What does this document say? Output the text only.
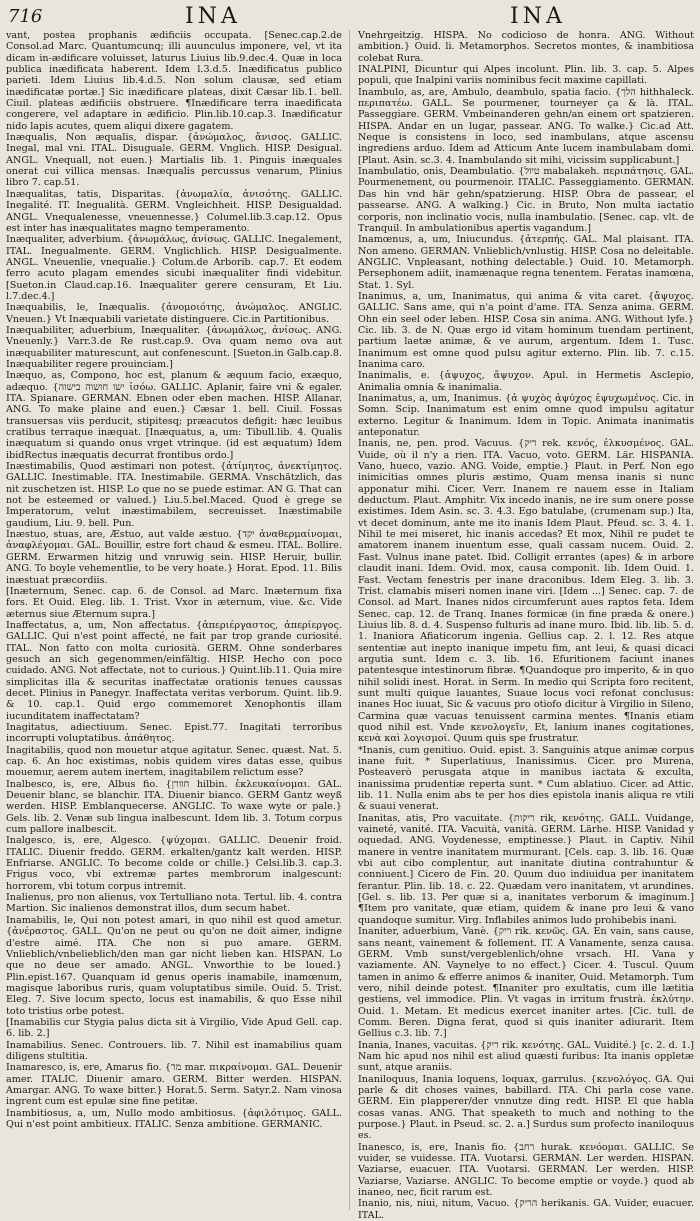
716	INA	INA

vant, postea prophanis ædificiis occupata. [Senec.cap.2.de Consol.ad Marc. Quantumcunq; illi auunculus imponere, vel, vt ita dicam in-ædificare voluisset, laturus Liuius lib.9.dec.4. Quæ in loca publica inædificata haberent. Idem l.3.d.5. Inædificatus publico parieti. Idem Liuius lib.4.d.5. Non solum clausæ, sed etiam inædificatæ portæ.] Sic inædificare plateas, dixit Cæsar lib.1. bell. Ciuil. plateas ædificiis obstruere. ¶Inædificare terra inaedificata congerere, vel adaptare in ædificio. Plin.lib.10.cap.3. Inædificatur nido lapis acutes, quem aliqui dixere gagatem.

Inæqualis, Non æqualis, dispar. {ἀνώμαλος, ἄνισος. GALLIC. Inegal, mal vni. ITAL. Disuguale. GERM. Vnglich. HISP. Desigual. ANGL. Vnequall, not euen.} Martialis lib. 1. Pinguis inæquales onerat cui villica mensas. Inæqualis percussus venarum, Plinius libro 7. cap.51.

Inæqualitas, tatis, Disparitas. {ἀνωμαλία, ἀνισότης. GALLIC. Inegalité. IT. Inegualità. GERM. Vngleichheit. HISP. Desigualdad. ANGL. Vnequalenesse, vneuennesse.} Columel.lib.3.cap.12. Opus est inter has inæqualitates magno temperamento.

Inæqualiter, adverbium. {ἀνωμάλως, ἀνίσως. GALLIC. Inegalement, ITAL. Inegualmente. GERM. Vnglichlich. HISP. Desigualmente. ANGL. Vneuenlie, vnequalie.} Colum.de Arborib. cap.7. Et eodem ferro acuto plagam emendes sicubi inæqualiter findi videbitur. [Sueton.in Claud.cap.16. Inæqualiter gerere censuram, Et Liu. l.7.dec.4.]

Inæquabilis, le, Inæqualis. {ἀνομοιότης, ἀνώμαλος. ANGLIC. Vneuen.} Vt Inæquabili varietate distinguere. Cic.in Partitionibus.

Inæquabiliter, aduerbium, Inæqualiter. {ἀνωμάλως, ἀνίσως. ANG. Vneuenly.} Varr.3.de Re rust.cap.9. Ova quam nemo ova aut inæquabiliter maturescunt, aut confenescunt. [Sueton.in Galb.cap.8. Inæquabiliter regere prouinciam.]

Inæquo, as, Compono, hoc est, planum & æquum facio, exæquo, adæquo. {ישו חושוה בישוה ἰσόω. GALLIC. Aplanir, faire vni & egaler. ITA. Spianare. GERMAN. Ebnen oder eben machen. HISP. Allanar. ANG. To make plaine and euen.} Cæsar 1. bell. Ciuil. Fossas transuersas viis perducit, stipitesq; præacutos defigit: hæc leuibus cratibus terraque inæquat. [Inæquatus, a, um: Tibull.lib. 4. Qualis inæquatum si quando onus vrget vtrinque. (id est æquatum) Idem ibidRectus inæquatis decurrat frontibus ordo.]

Inæstimabilis, Quod æstimari non potest. {ἀτίμητος, ἀνεκτίμητος. GALLIC. Inestimable. ITA. Inestimabile. GERMA. Vnschätzlich, das nit zuschetzen ist. HISP. Lo que no se puede estimar. AN G. That can not be esteemed or valued.} Liu.5.bel.Maced. Quod è grege se Imperatorum, velut inæstimabilem, secreuisset. Inæstimabile gaudium, Liu. 9. bell. Pun.

Inæstuo, stuas, are, Æstuo, aut valde æstuo. {יקד ἀναθερμαίνομαι, ἀναφλέγομαι. GAL. Bouillir, estre fort chaud & esmeu. ITAL. Bollire. GERM. Erwarmen hitzig und vnruwig sein. HISP. Heruir, bullir. ANG. To boyle vehementlie, to be very hoate.} Horat. Epod. 11. Bilis inæstuat præcordiis.

[Inæternum, Senec. cap. 6. de Consol. ad Marc. Inæternum fixa fors. Et Ouid. Eleg. lib. 1. Trist. Vxor in æternum, viue. &c. Vide æternus siue Æternum supra.]

Inaffectatus, a, um, Non affectatus. {ἀπεριέργαστος, ἀπερίεργος. GALLIC. Qui n'est point affecté, ne fait par trop grande curiosité. ITAL. Non fatto con molta curiosità. GERM. Ohne sonderbares gesuch an sich gegenommen/einfältig. HISP. Hecho con poco cuidado. ANG. Not affectate, not to curious.} Quint.lib.11. Quia mire simplicitas illa & securitas inaffectatæ orationis tenues caussas decet. Plinius in Panegyr. Inaffectata veritas verborum. Quint. lib.9. & 10. cap.1. Quid ergo commemoret Xenophontis illam iucunditatem inaffectatam?

Inagitatus, adiectiuum. Senec. Epist.77. Inagitati terroribus incorrupti voluptatibus. ἀπάθητος.

Inagitabilis, quod non mouetur atque agitatur. Senec. quæst. Nat. 5. cap. 6. An hoc existimas, nobis quidem vires datas esse, quibus mouemur, aerem autem inertem, inagitabilem relictum esse?

Inalbesco, is, ere, Albus fio. {חוורן hilbin. ἐκλευκαίνομαι. GAL. Deuenir blanc, se blanchir. ITA. Diuenir bianco. GERM Gantz weyß werden. HISP. Emblanquecerse. ANGLIC. To waxe wyte or pale.} Gels. lib. 2. Venæ sub lingua inalbescunt. Idem lib. 3. Totum corpus cum pallore inalbescit.

Inalgesco, is, ere, Algesco. {ψύχομαι. GALLIC. Deuenir froid. ITALIC. Diuenir freddo. GERM. erkalten/gantz kalt werden. HISP. Enfriarse. ANGLIC. To become colde or chille.} Celsi.lib.3. cap.3. Frigus voco, vbi extremæ partes membrorum inalgescunt: horrorem, vbi totum corpus intremit.

Inalienus, pro non alienus, vox Tertulliano nota. Tertul. lib. 4. contra Martion. Sic inalienos demonstrat illos, dum secum habet.

Inamabilis, le, Qui non potest amari, in quo nihil est quod ametur. {ἀνέραστος. GALL. Qu'on ne peut ou qu'on ne doit aimer, indigne d'estre aimé. ITA. Che non si puo amare. GERM. Vnlieblich/vnbelieblich/den man gar nicht lieben kan. HISPAN. Lo que no deue ser amado. ANGL. Vnworthie to be loued.} Plin.epist.167. Quanquam id genus operis inamabile, inamœnum, magisque laboribus ruris, quam voluptatibus simile. Ouid. 5. Trist. Eleg. 7. Sive locum specto, locus est inamabilis, & quo Esse nihil toto tristius orbe potest.

[Inamabilis cur Stygia palus dicta sit à Virgilio, Vide Apud Gell. cap. 6. lib. 2.]

Inamabilius. Senec. Controuers. lib. 7. Nihil est inamabilius quam diligens stultitia.

Inamaresco, is, ere, Amarus fio. {מר mar. πικραίνομαι. GAL. Deuenir amer. ITALIC. Diuenir amaro. GERM. Bitter werden. HISPAN. Amargar. ANG. To waxe bitter.} Horat.5. Serm. Satyr.2. Nam vinosa ingrent cum est epulæ sine fine petitæ.

Inambitiosus, a, um, Nullo modo ambitiosus. {ἀφιλότιμος. GALL. Qui n'est point ambitieux. ITALIC. Senza ambitione. GERMANIC.

Vnehrgeitzig. HISPA. No codicioso de honra. ANG. Without ambition.} Ouid. li. Metamorphos. Secretos montes, & inambitiosa colebat Rura.

INALPINI, Dicuntur qui Alpes incolunt. Plin. lib. 3. cap. 5. Alpes populi, que Inalpini variis nominibus fecit maxime capillati.

Inambulo, as, are, Ambulo, deambulo, spatia facio. {הלך hithhaleck. περιπατέω. GALL. Se pourmener, tourneyer ça & là. ITAL. Passeggiare. GERM. Vmbeinanderen gehn/an einem ort spatzieren. HISPA. Andar en un lugar, passear. ANG. To walke.} Cic.ad Att. Neque is consistens in loco, sed inambulans, atque ascensu ingrediens arduo. Idem ad Atticum Ante lucem inambulabam domi. [Plaut. Asin. sc.3. 4. Inambulando sit mihi, vicissim supplicabunt.]

Inambulatio, onis, Deambulatio. {טיול mabalakeh. περιπάτησις. GAL. Pourmenement, ou pourmenoir. ITALIC. Passeggiamento. GERMAN. Das hin vnd här gehn/spatzierung. HISP. Obra de passear, el passearse. ANG. A walking.} Cic. in Bruto, Non multa iactatio corporis, non inclinatio vocis, nulla inambulatio. [Senec. cap. vlt. de Tranquil. In ambulationibus apertis vagandum.]

Inamœnus, a, um, Iniucundus. {ἀτερπής. GAL. Mal plaisant. ITA. Non ameno. GERMAN. Vnlieblich/vnlustig. HISP. Cosa no deleitable. ANGLIC. Vnpleasant, nothing delectable.} Ouid. 10. Metamorph. Persephonem adiit, inamænaque regna tenentem. Feratas inamœna, Stat. 1. Syl.

Inanimus, a, um, Inanimatus, qui anima & vita caret. {ἄψυχος. GALLIC. Sans ame, qui n'a point d'ame. ITA. Senza anima. GERM. Ohn ein seel oder leben. HISP. Cosa sin anima. ANG. Without lyfe.} Cic. lib. 3. de N. Quæ ergo id vitam hominum tuendam pertinent, partium laetæ animæ, & ve aurum, argentum. Idem 1. Tusc. Inanimum est omne quod pulsu agitur externo. Plin. lib. 7. c.15. Inanima caro.

Inanimalis, e. {ἀψυχος, ἄψυχον. Apul. in Hermetis Asclepio, Animalia omnia & inanimalia.

Inanimatus, a, um, Inanimus. {ἀ ψυχὸς ἀψύχος ἐψυχωμένος. Cic. in Somn. Scip. Inanimatum est enim omne quod impulsu agitatur externo. Legitur & Inanimum. Idem in Topic. Animata inanimatis anteponatur.

Inanis, ne, pen. prod. Vacuus. {ריק rek. κενός, ἐλκυσμένος. GAL. Vuide, où il n'y a rien. ITA. Vacuo, voto. GERM. Lär. HISPANIA. Vano, hueco, vazio. ANG. Voide, emptie.} Plaut. in Perf. Non ego inimicitias omnes pluris æstimo, Quam mensa inanis si nunc apponatur mihi. Cicer. Verr. Inanem re nauem esse in Italiam deductum. Plaut. Amphitr. Vix incedo inanis, ne ire sum onere posse existimes. Idem Asin. sc. 3. 4.3. Ego batulabe, (crumenam sup.) Ita, vt decet dominum, ante me ito inanis Idem Plaut. Pfeud. sc. 3. 4. 1. Nihil te mei miseret, hic inanis accedas? Et mox, Nihil re pudet te amatorem inanem inuentum esse, quali cassam nucem. Ouid. 2. Fast. Vulnus inane patet. Ibid. Colligit errantes (apes) & in arbore claudit inani. Idem. Ovid. mox, causa componit. lib. Idem Ouid. 1. Fast. Vectam fenestris per inane draconibus. Idem Eleg. 3. lib. 3. Trist. clamabis miseri nomen inane viri. [Idem ...] Senec. cap. 7. de Consol. ad Mart. Inanes nidos circumferunt aues raptos feta. Idem Senec. cap. 12. de Tranq. Inanes formicæ (in fine præda & onere.) Liuius lib. 8. d. 4. Suspenso fulturis ad inane muro. Ibid. lib. lib. 5. d. 1. Inaniora Afiaticorum ingenia. Gellius cap. 2. l. 12. Res atque sententiæ aut inepto inanique impetu fim, ant leui, & quasi dicaci argutia sunt. Idem c. 3. lib. 16. Efuritionem faciunt inanes patentesque intestinorum fibræ. ¶Quandoque pro imperito, & in quo nihil solidi inest. Horat. in Serm. In medio qui Scripta foro recitent, sunt multi quique lauantes, Suaue locus voci refonat conclusus: inanes Hoc iuuat, Sic & vacuus pro otiofo dicitur à Virgilio in Sileno, Carmina quæ vacuas tenuissent carmina mentes. ¶Inanis etiam quod nihil est. Vnde κενολογεῖν, Et, lanium inanes cogitationes, κενὰ καὶ λογισμοί. Quum quis spe frustratur.

*Inanis, cum genitiuo. Ouid. epist. 3. Sanguinis atque animæ corpus inane fuit. * Superlatiuus, Inanissimus. Cicer. pro Murena, Posteaverò perusgata atque in manibus iactata & exculta, inanissima prudentiæ reperta sunt. * Cum ablatiuo. Cicer. ad Attic. lib. 11. Nulla enim abs te per hos dies epistola inanis aliqua re vtili & suaui venerat.

Inanitas, atis, Pro vacuitate. {ריקות rik, κενότης. GALL. Vuidange, vaineté, vanité. ITA. Vacuità, vanità. GERM. Lärhe. HISP. Vanidad y oquedad. ANG. Voydenesse, emptinesse.} Plaut. in Captiv. Nihil manere in ventre inanitatem murmurant. [Cels. cap. 3. lib. 16. Quæ vbi aut cibo complentur, aut inanitate diutina contrahuntur & conniuent.] Cicero de Fin. 20. Quum duo indiuidua per inanitatem ferantur. Plin. lib. 18. c. 22. Quædam vero inanitatem, vt arundines. [Gel. s. lib. 13. Per quæ si a, inanitates verborum & imaginum.] ¶Item pro vanitate, quæ etiam, quidem & inane pro leui & vano quandoque sumitur. Virg. Inflabiles animos ludo prohibebis inani.

Inaniter, aduerbium, Vanè. {ריק rik. κενῶς. GA. En vain, sans cause, sans neant, vainement & follement. IT. A Vanamente, senza causa. GERM. Vmb sunst/vergeblenlich/ohne vrsach. HI. Vana y vaziamente. AN. Vaynelye to no effect.} Cicer. 4. Tuscul. Quum tamen in animo & efferre animos & inaniter, Ouid. Metamorph. Tum vero, nihil deinde potest. ¶Inaniter pro exultatis, cum ille lætitia gestiens, vel immodice. Plin. Vt vagas in irritum frustrà. ἐκλύτην. Ouid. 1. Metam. Et medicus exercet inaniter artes. [Cic. tull. de Comm. Beren. Digna ferat, quod si quis inaniter adiurarit. Item Gellius c.3. lib. 7.]

Inania, Inanes, vacuitas. {ריק rik. κενότης. GAL. Vuidité.} [c. 2. d. 1.] Nam hic apud nos nihil est aliud quæsti furibus: Ita inanis oppletæ sunt, atque araniis.

Inaniloquus, Inania loquens, loquax, garrulus. {κενολόγος. GA. Qui parle & dit choses vaines, babillard. ITA. Chi parla cose vane. GERM. Ein plapperer/der vnnutze ding redt. HISP. El que habla cosas vanas. ANG. That speaketh to much and nothing to the purpose.} Plaut. in Pseud. sc. 2. a.] Surdus sum profecto inaniloquus es.

Inanesco, is, ere, Inanis fio. {רחב hurak. κενόομαι. GALLIC. Se vuider, se vuidesse. ITA. Vuotarsi. GERMAN. Ler werden. HISPAN. Vaziarse, euacuer. ITA. Vuotarsi. GERMAN. Ler werden. HISP. Vaziarse, Vaziarse. ANGLIC. To become emptie or voyde.} quod ab inaneo, nec, ficit rarum est.

Inanio, nis, niui, nitum, Vacuo. {הריק herikanis. GA. Vuider, euacuer. ITAL.
